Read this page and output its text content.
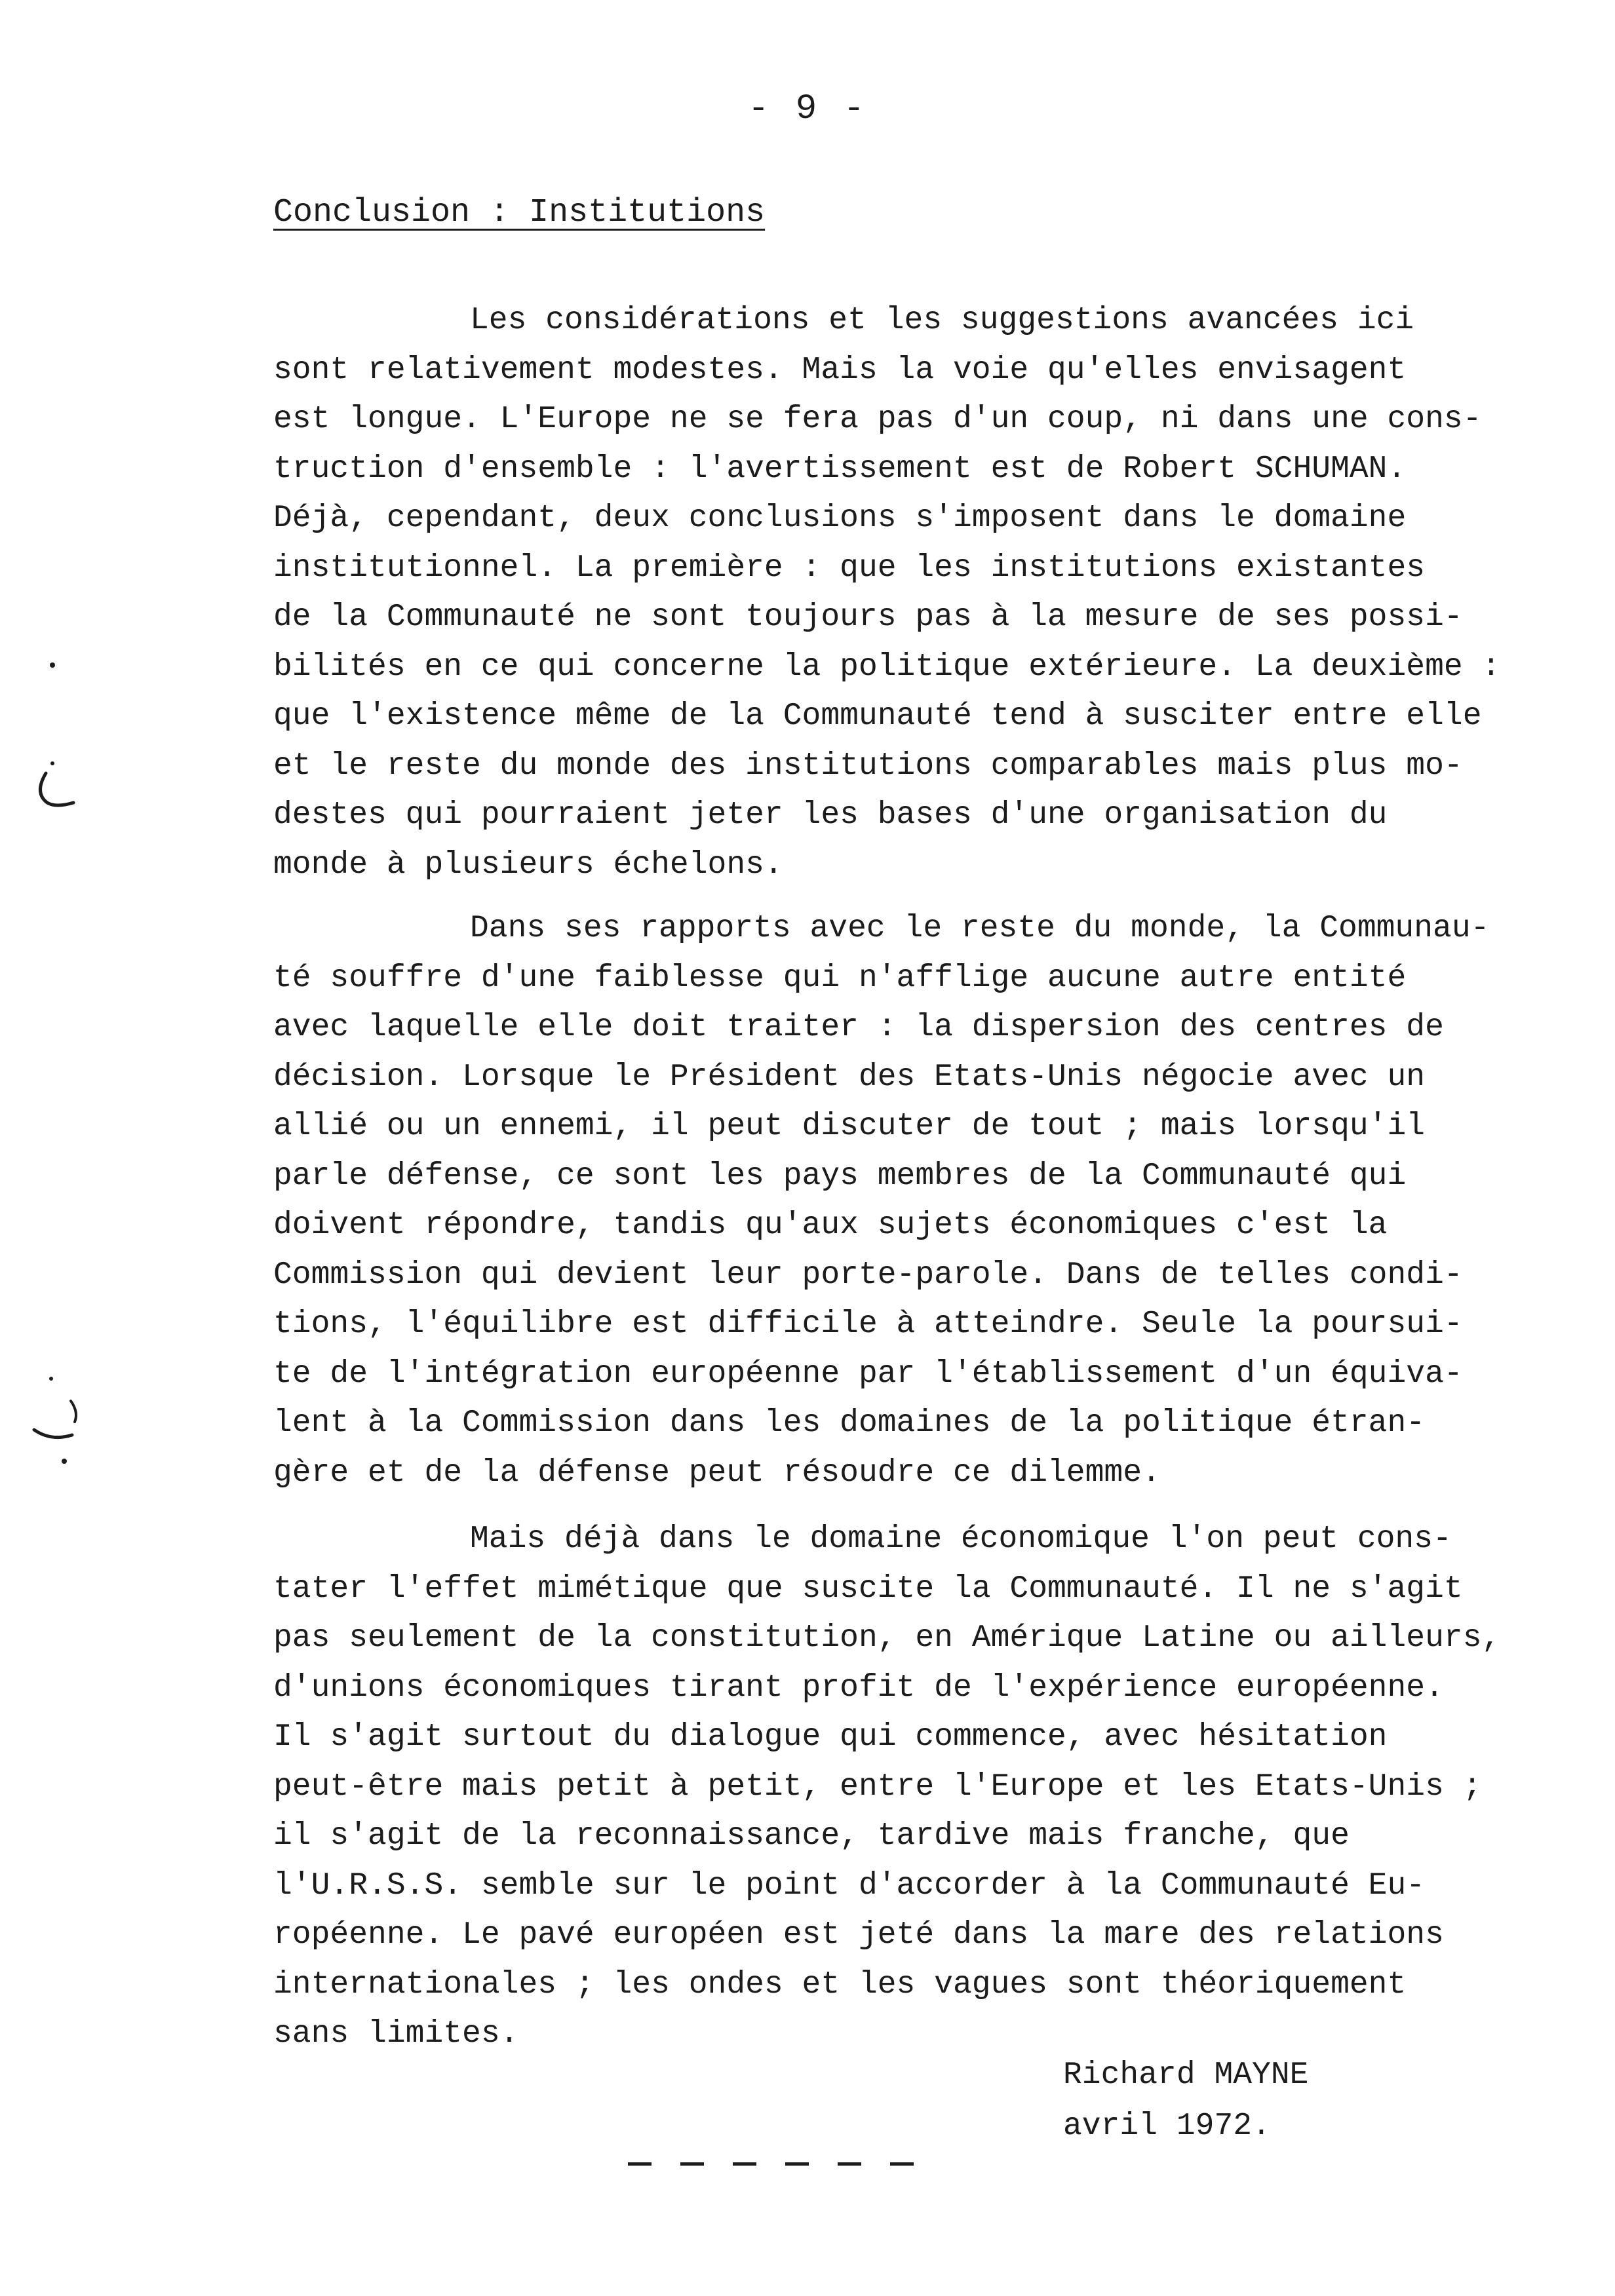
- 9 -
Conclusion : Institutions
Les considérations et les suggestions avancées ici
sont relativement modestes. Mais la voie qu'elles envisagent
est longue. L'Europe ne se fera pas d'un coup, ni dans une cons-
truction d'ensemble : l'avertissement est de Robert SCHUMAN.
Déjà, cependant, deux conclusions s'imposent dans le domaine
institutionnel. La première : que les institutions existantes
de la Communauté ne sont toujours pas à la mesure de ses possi-
bilités en ce qui concerne la politique extérieure. La deuxième :
que l'existence même de la Communauté tend à susciter entre elle
et le reste du monde des institutions comparables mais plus mo-
destes qui pourraient jeter les bases d'une organisation du
monde à plusieurs échelons.
Dans ses rapports avec le reste du monde, la Communau-
té souffre d'une faiblesse qui n'afflige aucune autre entité
avec laquelle elle doit traiter : la dispersion des centres de
décision. Lorsque le Président des Etats-Unis négocie avec un
allié ou un ennemi, il peut discuter de tout ; mais lorsqu'il
parle défense, ce sont les pays membres de la Communauté qui
doivent répondre, tandis qu'aux sujets économiques c'est la
Commission qui devient leur porte-parole. Dans de telles condi-
tions, l'équilibre est difficile à atteindre. Seule la poursui-
te de l'intégration européenne par l'établissement d'un équiva-
lent à la Commission dans les domaines de la politique étran-
gère et de la défense peut résoudre ce dilemme.
Mais déjà dans le domaine économique l'on peut cons-
tater l'effet mimétique que suscite la Communauté. Il ne s'agit
pas seulement de la constitution, en Amérique Latine ou ailleurs,
d'unions économiques tirant profit de l'expérience européenne.
Il s'agit surtout du dialogue qui commence, avec hésitation
peut-être mais petit à petit, entre l'Europe et les Etats-Unis ;
il s'agit de la reconnaissance, tardive mais franche, que
l'U.R.S.S. semble sur le point d'accorder à la Communauté Eu-
ropéenne. Le pavé européen est jeté dans la mare des relations
internationales ; les ondes et les vagues sont théoriquement
sans limites.
Richard MAYNE
avril 1972.
